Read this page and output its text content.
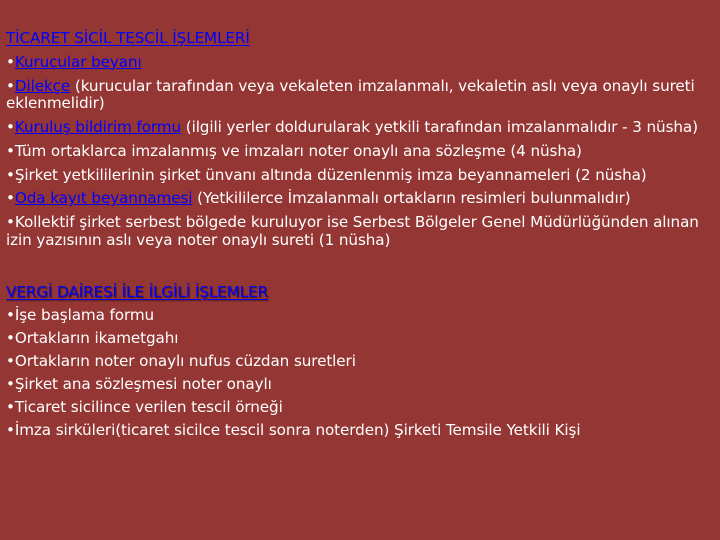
TİCARET SİCİL TESCİL İŞLEMLERİ

•Kurucular beyanı

•Dilekçe (kurucular tarafından veya vekaleten imzalanmalı, vekaletin aslı veya onaylı sureti eklenmelidir)

•Kuruluş bildirim formu (ilgili yerler doldurularak yetkili tarafından imzalanmalıdır - 3 nüsha)

•Tüm ortaklarca imzalanmış ve imzaları noter onaylı ana sözleşme (4 nüsha)

•Şirket yetkililerinin şirket ünvanı altında düzenlenmiş imza beyannameleri (2 nüsha)

•Oda kayıt beyannamesi (Yetkililerce İmzalanmalı ortakların resimleri bulunmalıdır)

•Kollektif şirket serbest bölgede kuruluyor ise Serbest Bölgeler Genel Müdürlüğünden alınan izin yazısının aslı veya noter onaylı sureti (1 nüsha)

VERGİ DAİRESİ İLE İLGİLİ İŞLEMLER

•İşe başlama formu

•Ortakların ikametgahı

•Ortakların noter onaylı nufus cüzdan suretleri

•Şirket ana sözleşmesi noter onaylı

•Ticaret sicilince verilen tescil örneği

•İmza sirküleri(ticaret sicilce tescil sonra noterden) Şirketi Temsile Yetkili Kişi
